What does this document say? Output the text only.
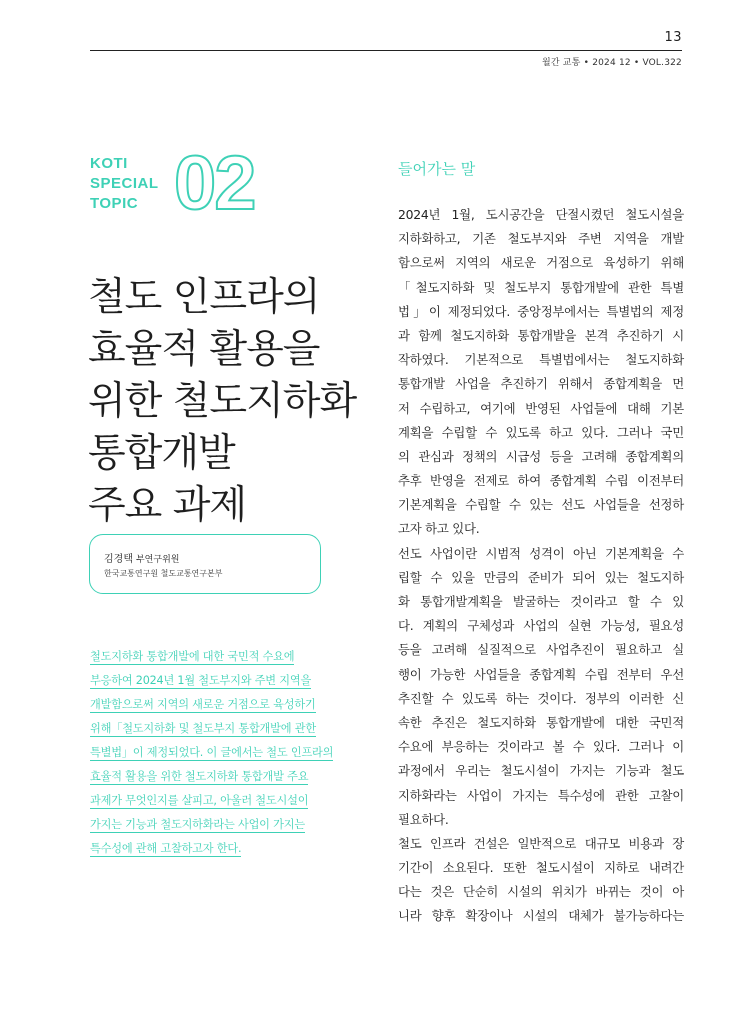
13
월간 교통 • 2024 12 • VOL.322
KOTI
SPECIAL
TOPIC 02
철도 인프라의
효율적 활용을
위한 철도지하화
통합개발
주요 과제
김경택 부연구위원
한국교통연구원 철도교통연구본부
철도지하화 통합개발에 대한 국민적 수요에
부응하여 2024년 1월 철도부지와 주변 지역을
개발함으로써 지역의 새로운 거점으로 육성하기
위해「철도지하화 및 철도부지 통합개발에 관한
특별법」이 제정되었다. 이 글에서는 철도 인프라의
효율적 활용을 위한 철도지하화 통합개발 주요
과제가 무엇인지를 살피고, 아울러 철도시설이
가지는 기능과 철도지하화라는 사업이 가지는
특수성에 관해 고찰하고자 한다.
들어가는 말
2024년 1월, 도시공간을 단절시켰던 철도시설을
지하화하고, 기존 철도부지와 주변 지역을 개발
함으로써 지역의 새로운 거점으로 육성하기 위해
「철도지하화 및 철도부지 통합개발에 관한 특별
법」이 제정되었다. 중앙정부에서는 특별법의 제정
과 함께 철도지하화 통합개발을 본격 추진하기 시
작하였다. 기본적으로 특별법에서는 철도지하화
통합개발 사업을 추진하기 위해서 종합계획을 먼
저 수립하고, 여기에 반영된 사업들에 대해 기본
계획을 수립할 수 있도록 하고 있다. 그러나 국민
의 관심과 정책의 시급성 등을 고려해 종합계획의
추후 반영을 전제로 하여 종합계획 수립 이전부터
기본계획을 수립할 수 있는 선도 사업들을 선정하
고자 하고 있다.
선도 사업이란 시범적 성격이 아닌 기본계획을 수
립할 수 있을 만큼의 준비가 되어 있는 철도지하
화 통합개발계획을 발굴하는 것이라고 할 수 있
다. 계획의 구체성과 사업의 실현 가능성, 필요성
등을 고려해 실질적으로 사업추진이 필요하고 실
행이 가능한 사업들을 종합계획 수립 전부터 우선
추진할 수 있도록 하는 것이다. 정부의 이러한 신
속한 추진은 철도지하화 통합개발에 대한 국민적
수요에 부응하는 것이라고 볼 수 있다. 그러나 이
과정에서 우리는 철도시설이 가지는 기능과 철도
지하화라는 사업이 가지는 특수성에 관한 고찰이
필요하다.
철도 인프라 건설은 일반적으로 대규모 비용과 장
기간이 소요된다. 또한 철도시설이 지하로 내려간
다는 것은 단순히 시설의 위치가 바뀌는 것이 아
니라 향후 확장이나 시설의 대체가 불가능하다는
